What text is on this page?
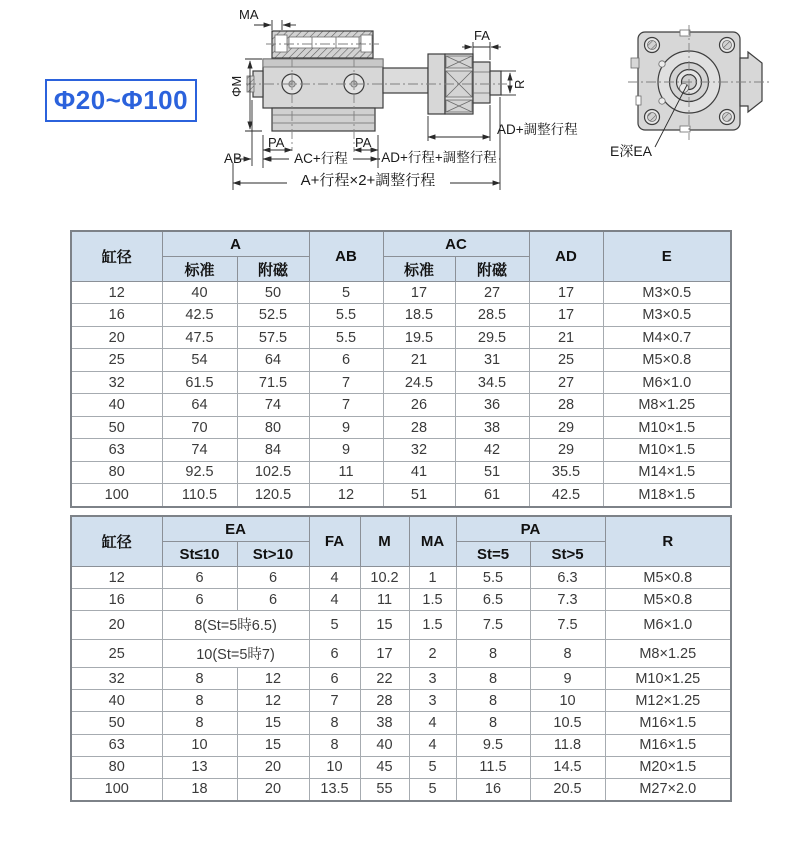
MA
ΦM
FA
R
AD+調整行程
PA	PA
AB	AC+行程 AD+行程+調整行程
A+行程×2+調整行程
E深EA
Φ20~Φ100
缸径	A		AB	AC		AD	E
	标准	附磁		标准	附磁		
12	40	50	5	17	27	17	M3×0.5
16	42.5	52.5	5.5	18.5	28.5	17	M3×0.5
20	47.5	57.5	5.5	19.5	29.5	21	M4×0.7
25	54	64	6	21	31	25	M5×0.8
32	61.5	71.5	7	24.5	34.5	27	M6×1.0
40	64	74	7	26	36	28	M8×1.25
50	70	80	9	28	38	29	M10×1.5
63	74	84	9	32	42	29	M10×1.5
80	92.5	102.5	11	41	51	35.5	M14×1.5
100	110.5	120.5	12	51	61	42.5	M18×1.5
缸径	EA		FA	M	MA	PA		R
	St≤10	St>10				St=5	St>5	
12	6	6	4	10.2	1	5.5	6.3	M5×0.8
16	6	6	4	11	1.5	6.5	7.3	M5×0.8
20	8(St=5時6.5)		5	15	1.5	7.5	7.5	M6×1.0
25	10(St=5時7)		6	17	2	8	8	M8×1.25
32	8	12	6	22	3	8	9	M10×1.25
40	8	12	7	28	3	8	10	M12×1.25
50	8	15	8	38	4	8	10.5	M16×1.5
63	10	15	8	40	4	9.5	11.8	M16×1.5
80	13	20	10	45	5	11.5	14.5	M20×1.5
100	18	20	13.5	55	5	16	20.5	M27×2.0
